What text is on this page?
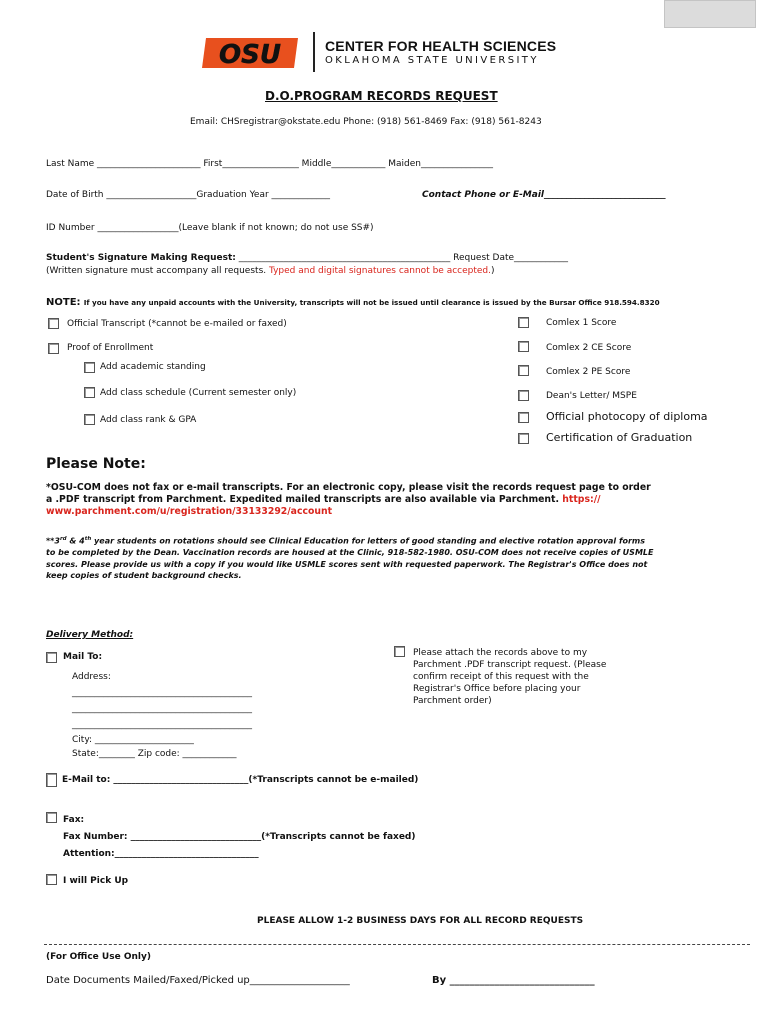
OSU	CENTER FOR HEALTH SCIENCES
OKLAHOMA STATE UNIVERSITY
D.O.PROGRAM RECORDS REQUEST
Email: CHSregistrar@okstate.edu Phone: (918) 561-8469 Fax: (918) 561-8243
Last Name _______________________ First_________________ Middle____________ Maiden________________
Date of Birth ____________________Graduation Year _____________	Contact Phone or E-Mail___________________________
ID Number __________________(Leave blank if not known; do not use SS#)
Student's Signature Making Request: _______________________________________________ Request Date____________
(Written signature must accompany all requests. Typed and digital signatures cannot be accepted.)
NOTE: If you have any unpaid accounts with the University, transcripts will not be issued until clearance is issued by the Bursar Office 918.594.8320
Official Transcript (*cannot be e-mailed or faxed)
Proof of Enrollment
Add academic standing
Add class schedule (Current semester only)
Add class rank & GPA
Comlex 1 Score
Comlex 2 CE Score
Comlex 2 PE Score
Dean's Letter/ MSPE
Official photocopy of diploma
Certification of Graduation
Please Note:
*OSU-COM does not fax or e-mail transcripts. For an electronic copy, please visit the records request page to order
a .PDF transcript from Parchment. Expedited mailed transcripts are also available via Parchment. https://
www.parchment.com/u/registration/33133292/account
**3rd & 4th year students on rotations should see Clinical Education for letters of good standing and elective rotation approval forms
to be completed by the Dean. Vaccination records are housed at the Clinic, 918-582-1980. OSU-COM does not receive copies of USMLE
scores. Please provide us with a copy if you would like USMLE scores sent with requested paperwork. The Registrar's Office does not
keep copies of student background checks.
Delivery Method:
Mail To:
Address:
________________________________________
________________________________________
________________________________________
City: ______________________
State:________ Zip code: ____________
Please attach the records above to my
Parchment .PDF transcript request. (Please
confirm receipt of this request with the
Registrar's Office before placing your
Parchment order)
E-Mail to: ______________________________(*Transcripts cannot be e-mailed)
Fax:
Fax Number: _____________________________(*Transcripts cannot be faxed)
Attention:________________________________
I will Pick Up
PLEASE ALLOW 1-2 BUSINESS DAYS FOR ALL RECORD REQUESTS
(For Office Use Only)
Date Documents Mailed/Faxed/Picked up____________________	By _____________________________
